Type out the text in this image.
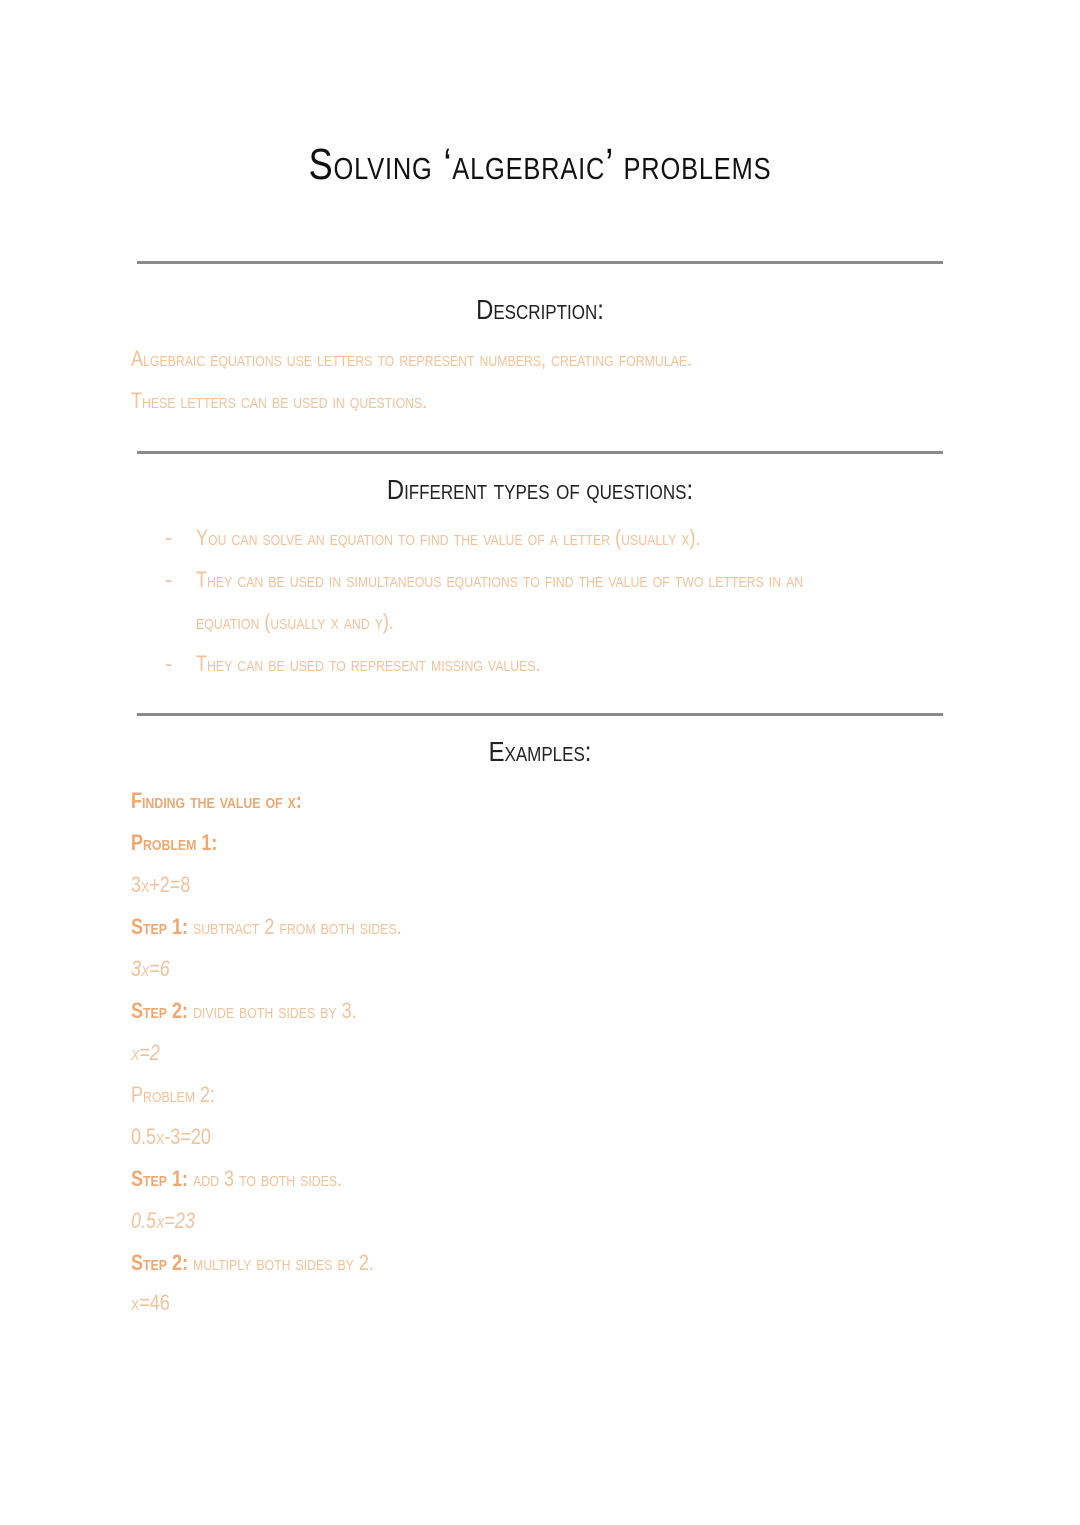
Solving ‘algebraic’ problems
Description:
Algebraic equations use letters to represent numbers, creating formulae.
These letters can be used in questions.
Different types of questions:
- You can solve an equation to find the value of a letter (usually x).
- They can be used in simultaneous equations to find the value of two letters in an
equation (usually x and y).
- They can be used to represent missing values.
Examples:
Finding the value of x:
Problem 1:
3x+2=8
Step 1: subtract 2 from both sides.
3x=6
Step 2: divide both sides by 3.
x=2
Problem 2:
0.5x-3=20
Step 1: add 3 to both sides.
0.5x=23
Step 2: multiply both sides by 2.
x=46
